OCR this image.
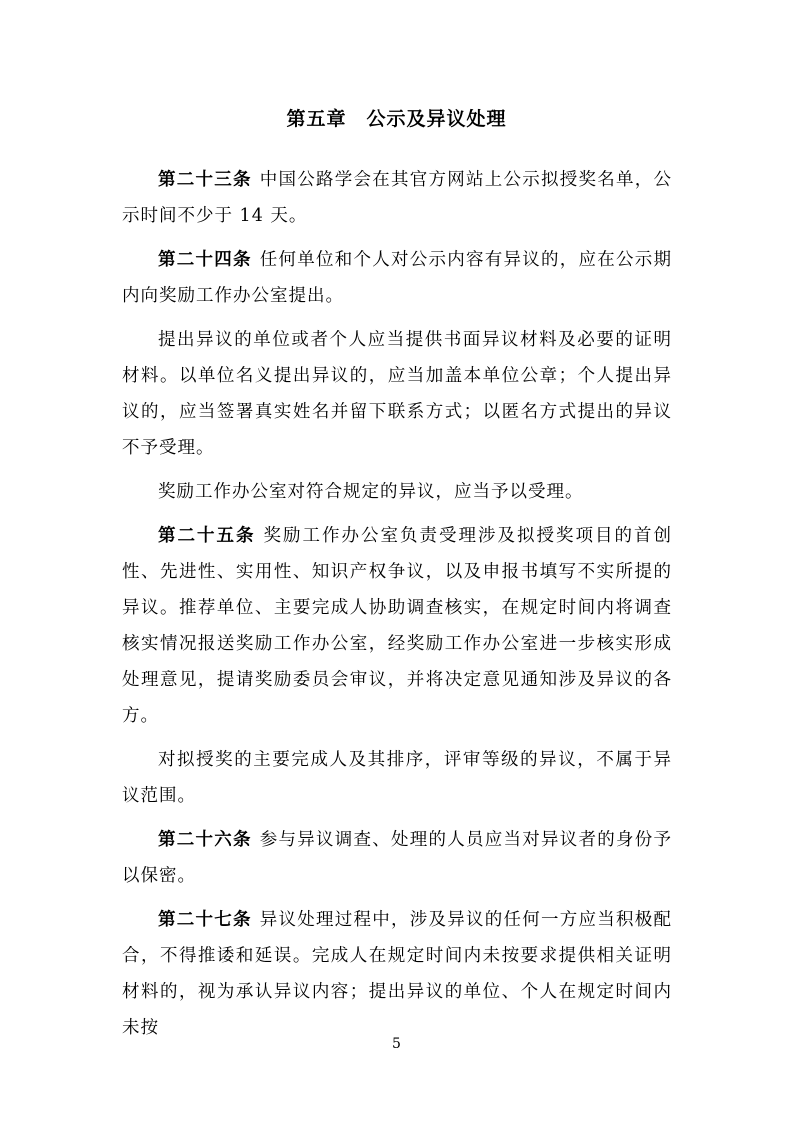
第五章　公示及异议处理

第二十三条 中国公路学会在其官方网站上公示拟授奖名单，公示时间不少于 14 天。

第二十四条 任何单位和个人对公示内容有异议的，应在公示期内向奖励工作办公室提出。

提出异议的单位或者个人应当提供书面异议材料及必要的证明材料。以单位名义提出异议的，应当加盖本单位公章；个人提出异议的，应当签署真实姓名并留下联系方式；以匿名方式提出的异议不予受理。

奖励工作办公室对符合规定的异议，应当予以受理。

第二十五条 奖励工作办公室负责受理涉及拟授奖项目的首创性、先进性、实用性、知识产权争议，以及申报书填写不实所提的异议。推荐单位、主要完成人协助调查核实，在规定时间内将调查核实情况报送奖励工作办公室，经奖励工作办公室进一步核实形成处理意见，提请奖励委员会审议，并将决定意见通知涉及异议的各方。

对拟授奖的主要完成人及其排序，评审等级的异议，不属于异议范围。

第二十六条 参与异议调查、处理的人员应当对异议者的身份予以保密。

第二十七条 异议处理过程中，涉及异议的任何一方应当积极配合，不得推诿和延误。完成人在规定时间内未按要求提供相关证明材料的，视为承认异议内容；提出异议的单位、个人在规定时间内未按

5
